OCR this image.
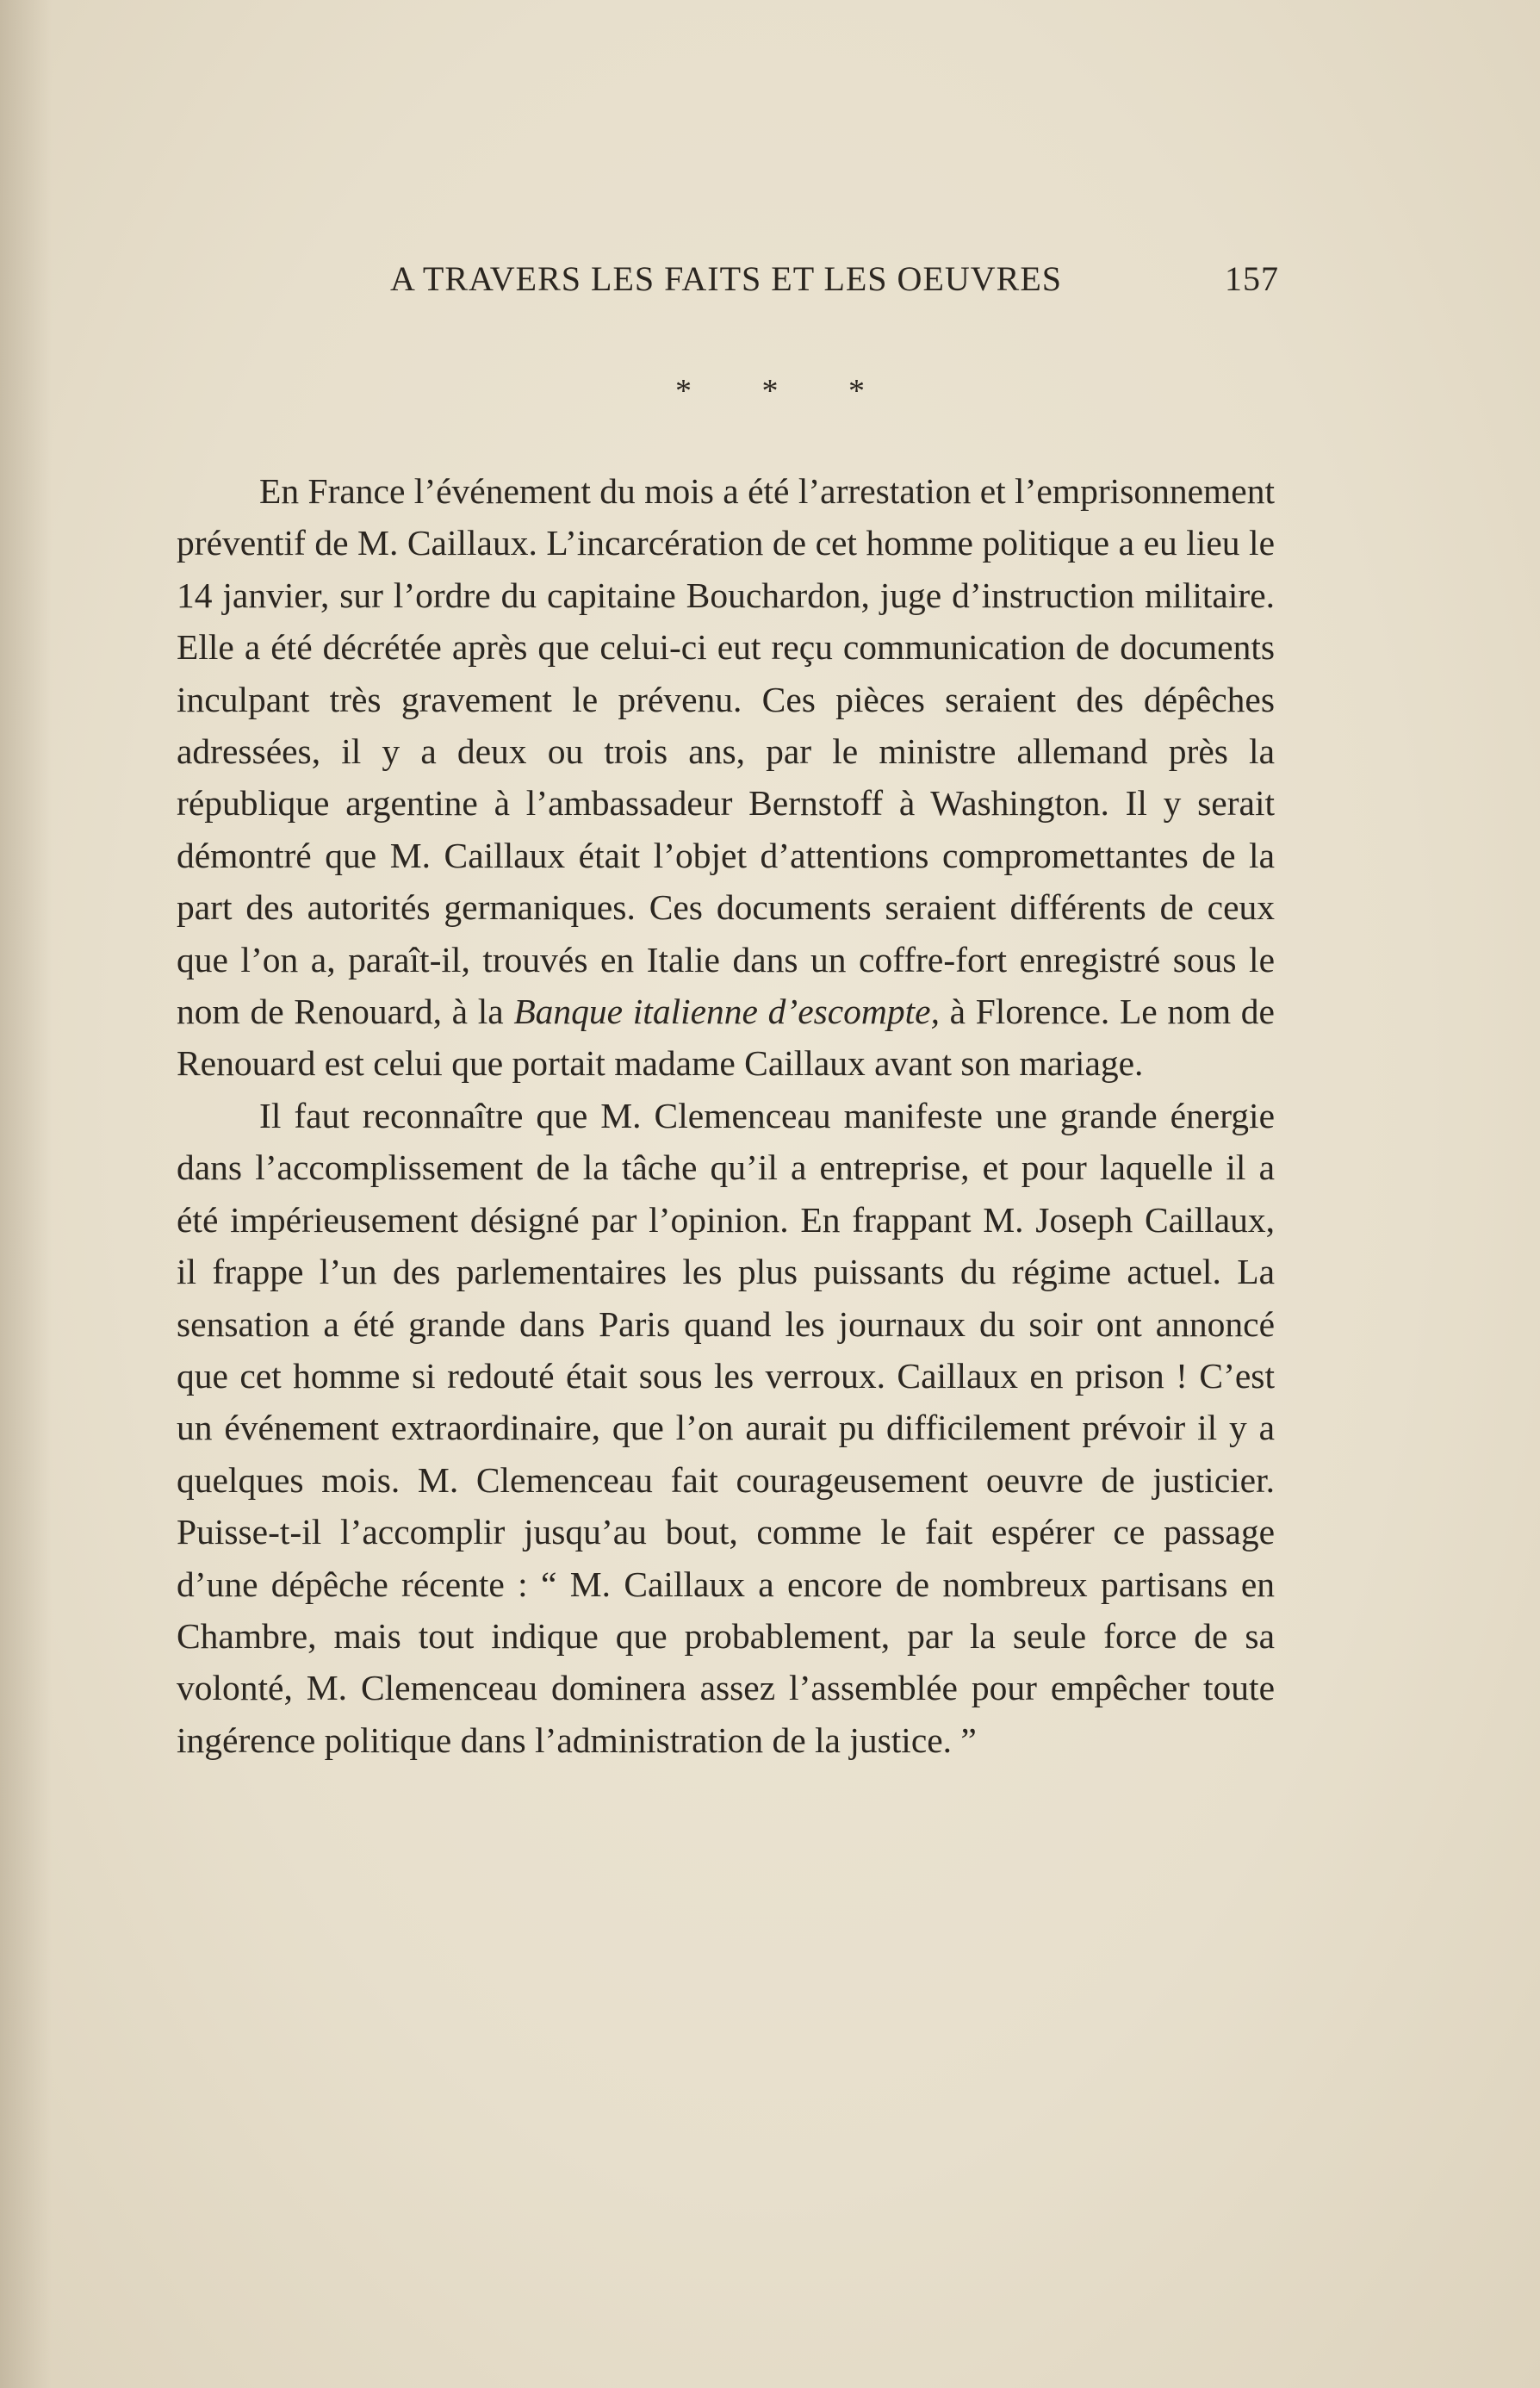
A TRAVERS LES FAITS ET LES OEUVRES	157
* * *

En France l’événement du mois a été l’arrestation et l’emprisonnement préventif de M. Caillaux. L’incarcération de cet homme politique a eu lieu le 14 janvier, sur l’ordre du capitaine Bouchardon, juge d’instruction militaire. Elle a été décrétée après que celui-ci eut reçu communication de documents inculpant très gravement le prévenu. Ces pièces seraient des dépêches adressées, il y a deux ou trois ans, par le ministre allemand près la république argentine à l’ambassadeur Bernstoff à Washington. Il y serait démontré que M. Caillaux était l’objet d’attentions compromettantes de la part des autorités germaniques. Ces documents seraient différents de ceux que l’on a, paraît-il, trouvés en Italie dans un coffre-fort enregistré sous le nom de Renouard, à la Banque italienne d’escompte, à Florence. Le nom de Renouard est celui que portait madame Caillaux avant son mariage.

Il faut reconnaître que M. Clemenceau manifeste une grande énergie dans l’accomplissement de la tâche qu’il a entreprise, et pour laquelle il a été impérieusement désigné par l’opinion. En frappant M. Joseph Caillaux, il frappe l’un des parlementaires les plus puissants du régime actuel. La sensation a été grande dans Paris quand les journaux du soir ont annoncé que cet homme si redouté était sous les verroux. Caillaux en prison ! C’est un événement extraordinaire, que l’on aurait pu difficilement prévoir il y a quelques mois. M. Clemenceau fait courageusement oeuvre de justicier. Puisse-t-il l’accomplir jusqu’au bout, comme le fait espérer ce passage d’une dépêche récente : “ M. Caillaux a encore de nombreux partisans en Chambre, mais tout indique que probablement, par la seule force de sa volonté, M. Clemenceau dominera assez l’assemblée pour empêcher toute ingérence politique dans l’administration de la justice. ”
